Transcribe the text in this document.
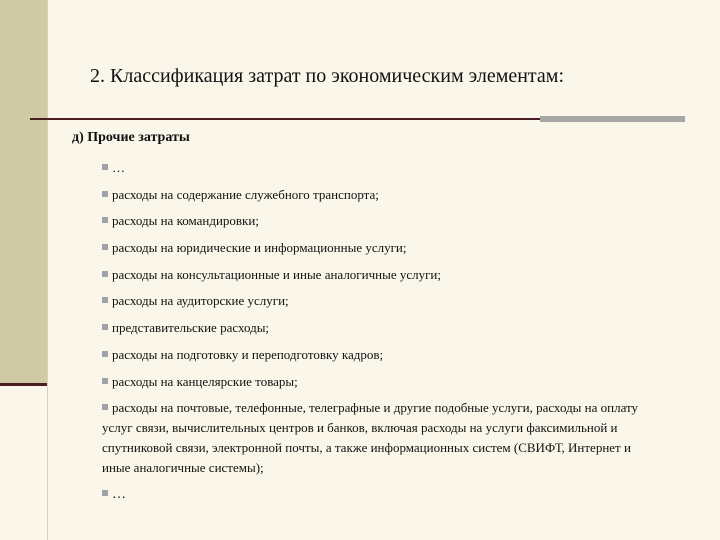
2. Классификация затрат по экономическим элементам:
д) Прочие затраты
…
расходы на содержание служебного транспорта;
расходы на командировки;
расходы на юридические и информационные услуги;
расходы на консультационные и иные аналогичные услуги;
расходы на аудиторские услуги;
представительские расходы;
расходы на подготовку и переподготовку кадров;
расходы на канцелярские товары;
расходы на почтовые, телефонные, телеграфные и другие подобные услуги, расходы на оплату услуг связи, вычислительных центров и банков, включая расходы на услуги факсимильной и спутниковой связи, электронной почты, а также информационных систем (СВИФТ, Интернет и иные аналогичные системы);
…
